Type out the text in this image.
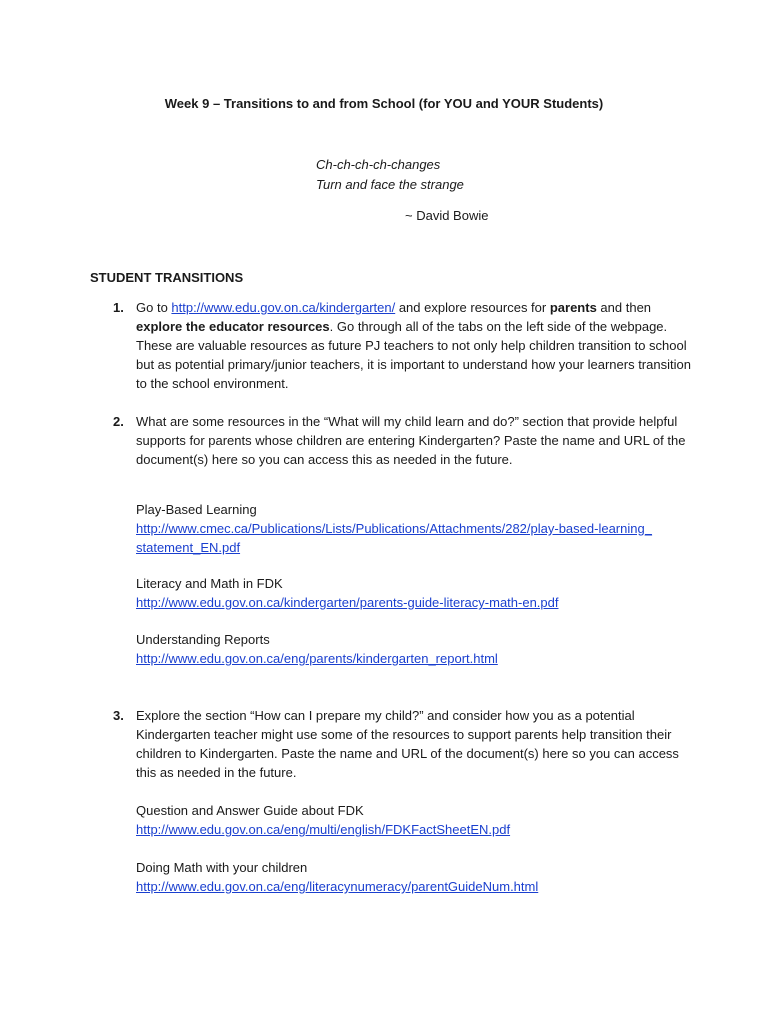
Week 9 – Transitions to and from School (for YOU and YOUR Students)
Ch-ch-ch-ch-changes
Turn and face the strange
~ David Bowie
STUDENT TRANSITIONS
1. Go to http://www.edu.gov.on.ca/kindergarten/ and explore resources for parents and then explore the educator resources. Go through all of the tabs on the left side of the webpage. These are valuable resources as future PJ teachers to not only help children transition to school but as potential primary/junior teachers, it is important to understand how your learners transition to the school environment.

2. What are some resources in the “What will my child learn and do?” section that provide helpful supports for parents whose children are entering Kindergarten? Paste the name and URL of the document(s) here so you can access this as needed in the future.

Play-Based Learning
http://www.cmec.ca/Publications/Lists/Publications/Attachments/282/play-based-learning_statement_EN.pdf
Literacy and Math in FDK
http://www.edu.gov.on.ca/kindergarten/parents-guide-literacy-math-en.pdf
Understanding Reports
http://www.edu.gov.on.ca/eng/parents/kindergarten_report.html
3. Explore the section “How can I prepare my child?” and consider how you as a potential Kindergarten teacher might use some of the resources to support parents help transition their children to Kindergarten. Paste the name and URL of the document(s) here so you can access this as needed in the future.

Question and Answer Guide about FDK
http://www.edu.gov.on.ca/eng/multi/english/FDKFactSheetEN.pdf
Doing Math with your children
http://www.edu.gov.on.ca/eng/literacynumeracy/parentGuideNum.html
